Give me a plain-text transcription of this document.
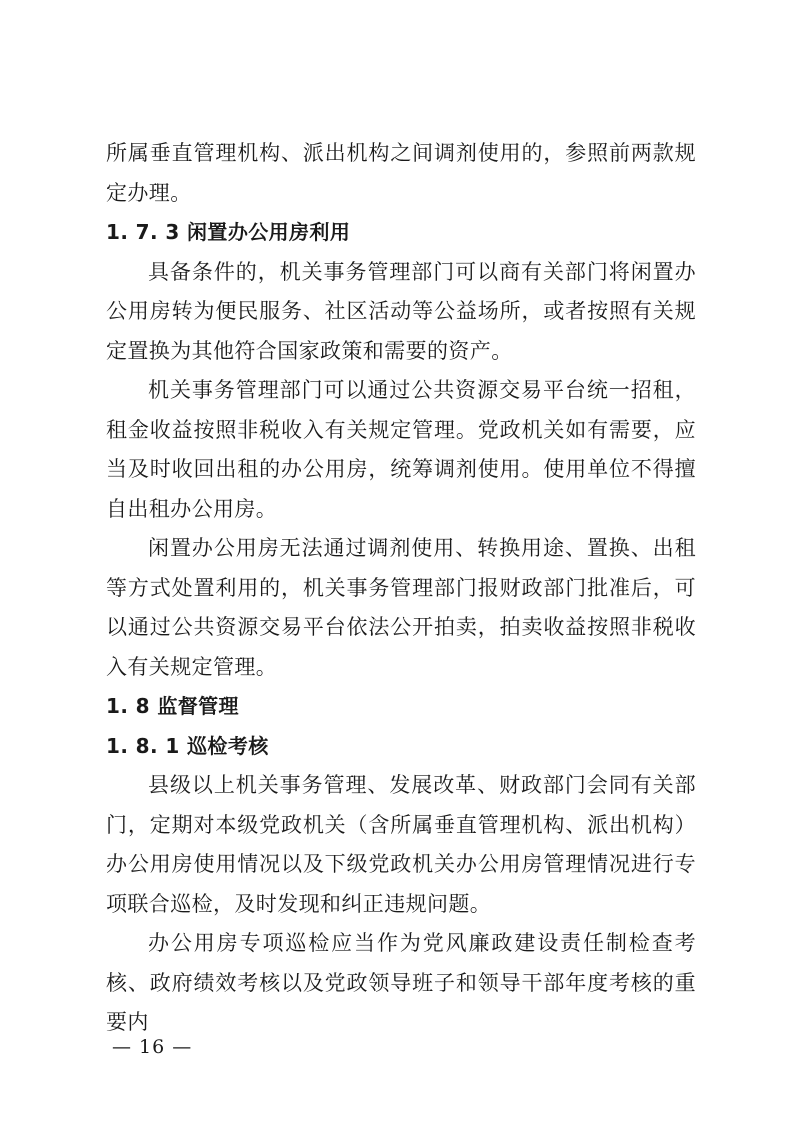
所属垂直管理机构、派出机构之间调剂使用的，参照前两款规定办理。

1. 7. 3 闲置办公用房利用

具备条件的，机关事务管理部门可以商有关部门将闲置办公用房转为便民服务、社区活动等公益场所，或者按照有关规定置换为其他符合国家政策和需要的资产。

机关事务管理部门可以通过公共资源交易平台统一招租，租金收益按照非税收入有关规定管理。党政机关如有需要，应当及时收回出租的办公用房，统筹调剂使用。使用单位不得擅自出租办公用房。

闲置办公用房无法通过调剂使用、转换用途、置换、出租等方式处置利用的，机关事务管理部门报财政部门批准后，可以通过公共资源交易平台依法公开拍卖，拍卖收益按照非税收入有关规定管理。

1. 8 监督管理

1. 8. 1 巡检考核

县级以上机关事务管理、发展改革、财政部门会同有关部门，定期对本级党政机关（含所属垂直管理机构、派出机构）办公用房使用情况以及下级党政机关办公用房管理情况进行专项联合巡检，及时发现和纠正违规问题。

办公用房专项巡检应当作为党风廉政建设责任制检查考核、政府绩效考核以及党政领导班子和领导干部年度考核的重要内

— 16 —
